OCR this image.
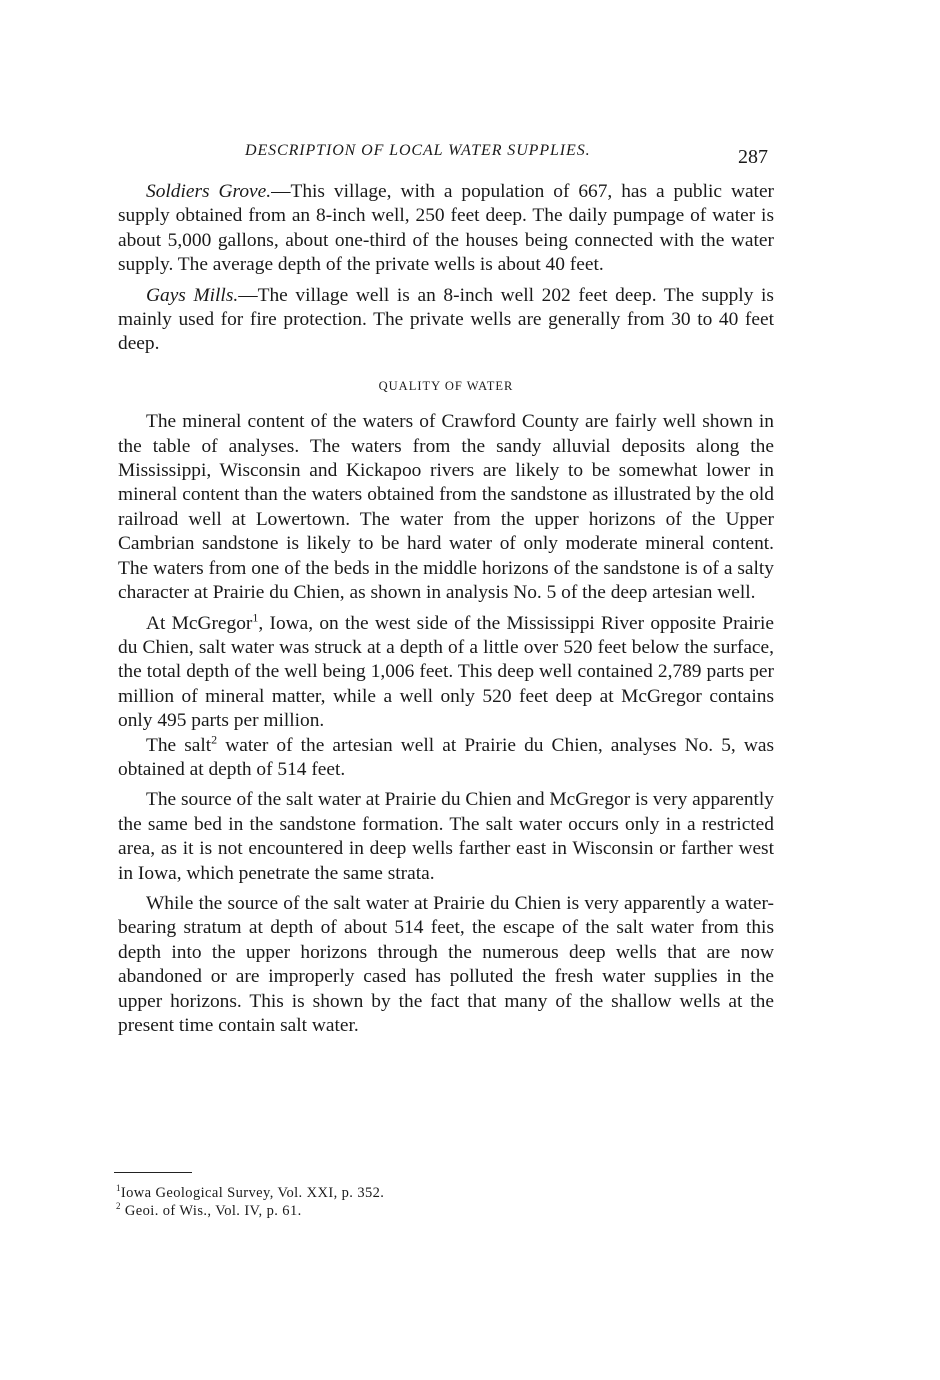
DESCRIPTION OF LOCAL WATER SUPPLIES.	287

Soldiers Grove.—This village, with a population of 667, has a public water supply obtained from an 8-inch well, 250 feet deep. The daily pumpage of water is about 5,000 gallons, about one-third of the houses being connected with the water supply. The average depth of the private wells is about 40 feet.

Gays Mills.—The village well is an 8-inch well 202 feet deep. The supply is mainly used for fire protection. The private wells are generally from 30 to 40 feet deep.

QUALITY OF WATER

The mineral content of the waters of Crawford County are fairly well shown in the table of analyses. The waters from the sandy alluvial deposits along the Mississippi, Wisconsin and Kickapoo rivers are likely to be somewhat lower in mineral content than the waters obtained from the sandstone as illustrated by the old railroad well at Lowertown. The water from the upper horizons of the Upper Cambrian sandstone is likely to be hard water of only moderate mineral content. The waters from one of the beds in the middle horizons of the sandstone is of a salty character at Prairie du Chien, as shown in analysis No. 5 of the deep artesian well.

At McGregor$^1$, Iowa, on the west side of the Mississippi River opposite Prairie du Chien, salt water was struck at a depth of a little over 520 feet below the surface, the total depth of the well being 1,006 feet. This deep well contained 2,789 parts per million of mineral matter, while a well only 520 feet deep at McGregor contains only 495 parts per million.

The salt$^2$ water of the artesian well at Prairie du Chien, analyses No. 5, was obtained at depth of 514 feet.

The source of the salt water at Prairie du Chien and McGregor is very apparently the same bed in the sandstone formation. The salt water occurs only in a restricted area, as it is not encountered in deep wells farther east in Wisconsin or farther west in Iowa, which penetrate the same strata.

While the source of the salt water at Prairie du Chien is very apparently a water-bearing stratum at depth of about 514 feet, the escape of the salt water from this depth into the upper horizons through the numerous deep wells that are now abandoned or are improperly cased has polluted the fresh water supplies in the upper horizons. This is shown by the fact that many of the shallow wells at the present time contain salt water.

$^1$Iowa Geological Survey, Vol. XXI, p. 352.
$^2$ Geoi. of Wis., Vol. IV, p. 61.
